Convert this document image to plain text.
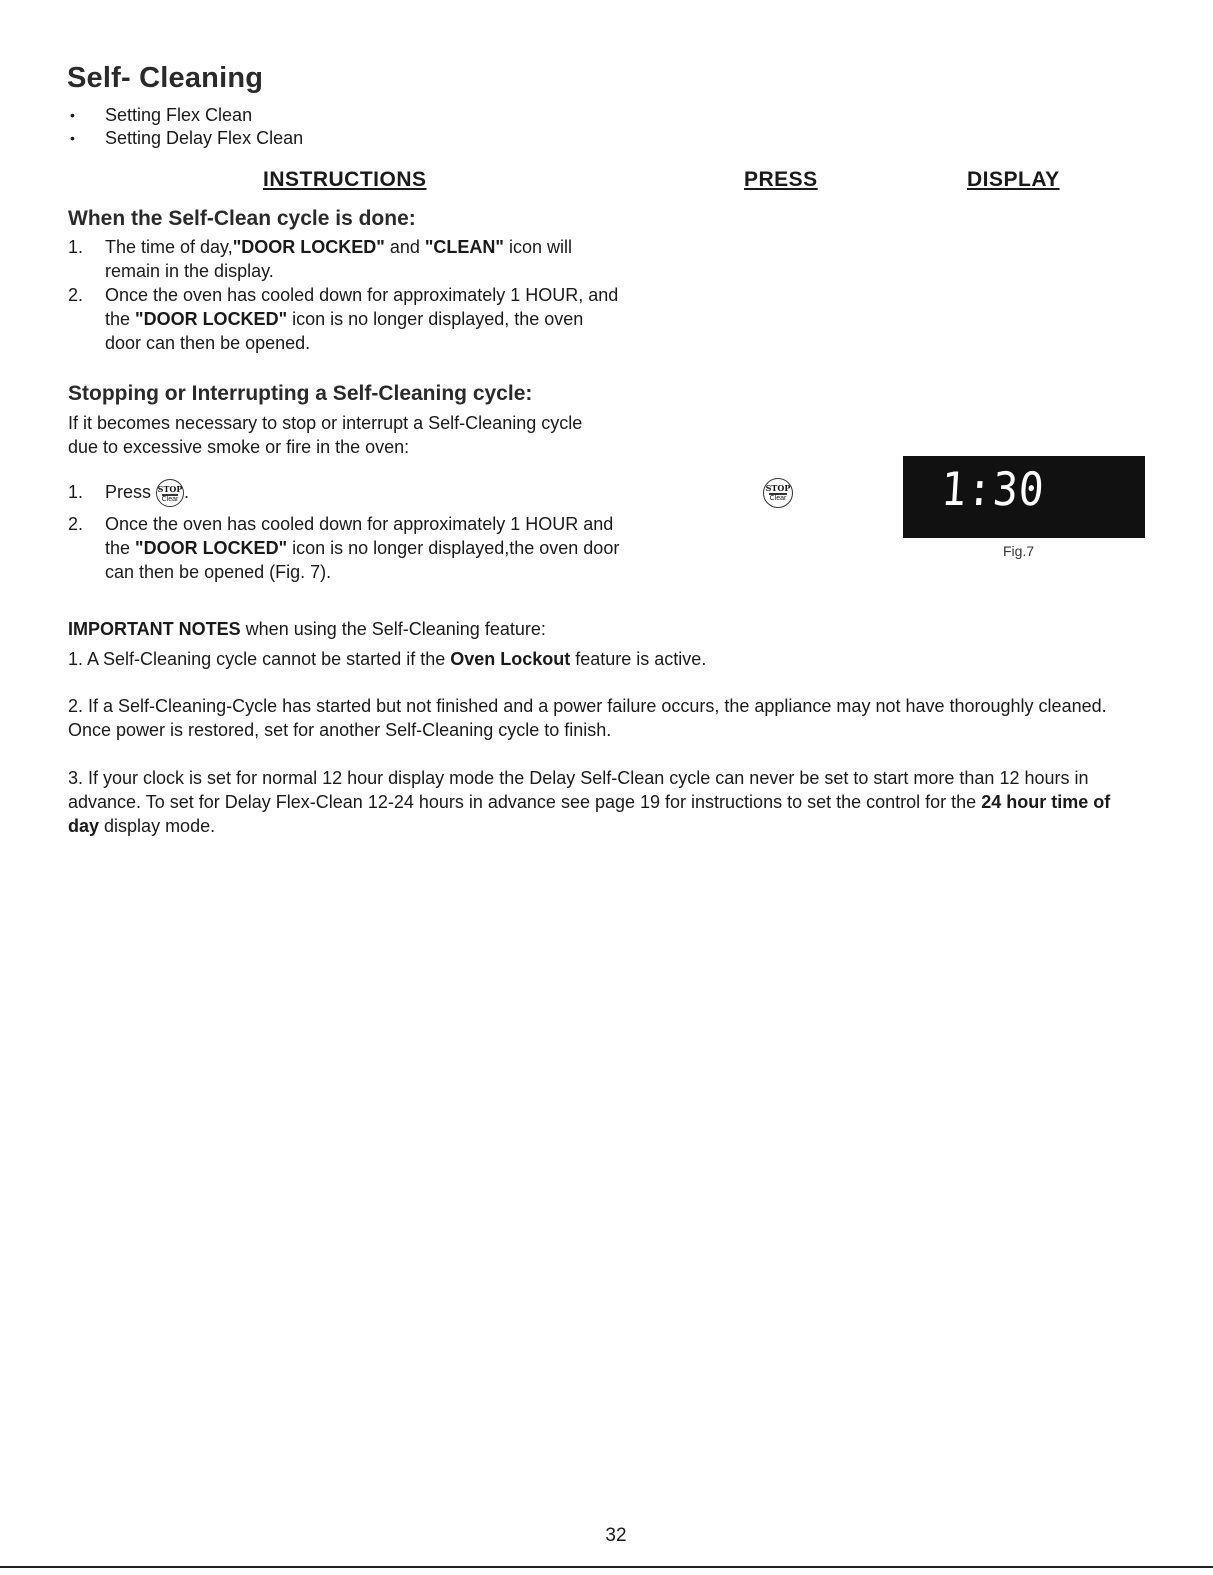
Self- Cleaning
• Setting Flex Clean
• Setting Delay Flex Clean
INSTRUCTIONS	PRESS	DISPLAY
When the Self-Clean cycle is done:
1. The time of day,"DOOR LOCKED" and "CLEAN" icon will
remain in the display.
2. Once the oven has cooled down for approximately 1 HOUR, and
the "DOOR LOCKED" icon is no longer displayed, the oven
door can then be opened.
Stopping or Interrupting a Self-Cleaning cycle:
If it becomes necessary to stop or interrupt a Self-Cleaning cycle
due to excessive smoke or fire in the oven:
1. Press STOP
Clear .
2. Once the oven has cooled down for approximately 1 HOUR and
the "DOOR LOCKED" icon is no longer displayed,the oven door
can then be opened (Fig. 7).
STOP
Clear	1:30
Fig.7
IMPORTANT NOTES when using the Self-Cleaning feature:
1. A Self-Cleaning cycle cannot be started if the Oven Lockout feature is active.
2. If a Self-Cleaning-Cycle has started but not finished and a power failure occurs, the appliance may not have thoroughly cleaned. Once power is restored, set for another Self-Cleaning cycle to finish.
3. If your clock is set for normal 12 hour display mode the Delay Self-Clean cycle can never be set to start more than 12 hours in advance. To set for Delay Flex-Clean 12-24 hours in advance see page 19 for instructions to set the control for the 24 hour time of day display mode.
32
